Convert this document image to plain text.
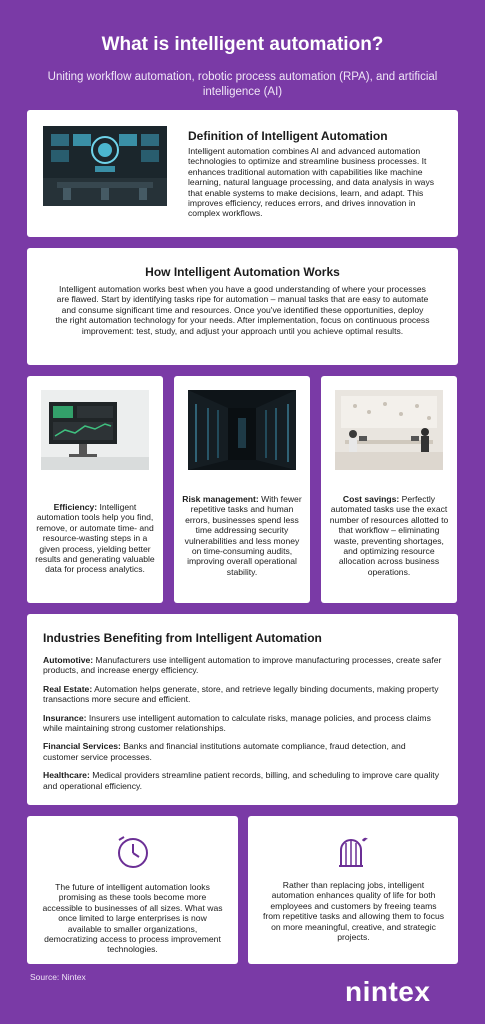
What is intelligent automation?

Uniting workflow automation, robotic process automation (RPA), and artificial intelligence (AI)

Definition of Intelligent Automation

Intelligent automation combines AI and advanced automation technologies to optimize and streamline business processes. It enhances traditional automation with capabilities like machine learning, natural language processing, and data analysis in ways that enable systems to make decisions, learn, and adapt. This improves efficiency, reduces errors, and drives innovation in complex workflows.

How Intelligent Automation Works

Intelligent automation works best when you have a good understanding of where your processes are flawed. Start by identifying tasks ripe for automation – manual tasks that are easy to automate and consume significant time and resources. Once you've identified these opportunities, deploy the right automation technology for your needs. After implementation, focus on continuous process improvement: test, study, and adjust your approach until you achieve optimal results.

Efficiency: Intelligent automation tools help you find, remove, or automate time- and resource-wasting steps in a given process, yielding better results and generating valuable data for process analytics.

Risk management: With fewer repetitive tasks and human errors, businesses spend less time addressing security vulnerabilities and less money on time-consuming audits, improving overall operational stability.

Cost savings: Perfectly automated tasks use the exact number of resources allotted to that workflow – eliminating waste, preventing shortages, and optimizing resource allocation across business operations.

Industries Benefiting from Intelligent Automation
Automotive: Manufacturers use intelligent automation to improve manufacturing processes, create safer products, and increase energy efficiency.
Real Estate: Automation helps generate, store, and retrieve legally binding documents, making property transactions more secure and efficient.
Insurance: Insurers use intelligent automation to calculate risks, manage policies, and process claims while maintaining strong customer relationships.
Financial Services: Banks and financial institutions automate compliance, fraud detection, and customer service processes.
Healthcare: Medical providers streamline patient records, billing, and scheduling to improve care quality and operational efficiency.

The future of intelligent automation looks promising as these tools become more accessible to businesses of all sizes. What was once limited to large enterprises is now available to smaller organizations, democratizing access to process improvement technologies.

Rather than replacing jobs, intelligent automation enhances quality of life for both employees and customers by freeing teams from repetitive tasks and allowing them to focus on more meaningful, creative, and strategic projects.

Source: Nintex	nintex
